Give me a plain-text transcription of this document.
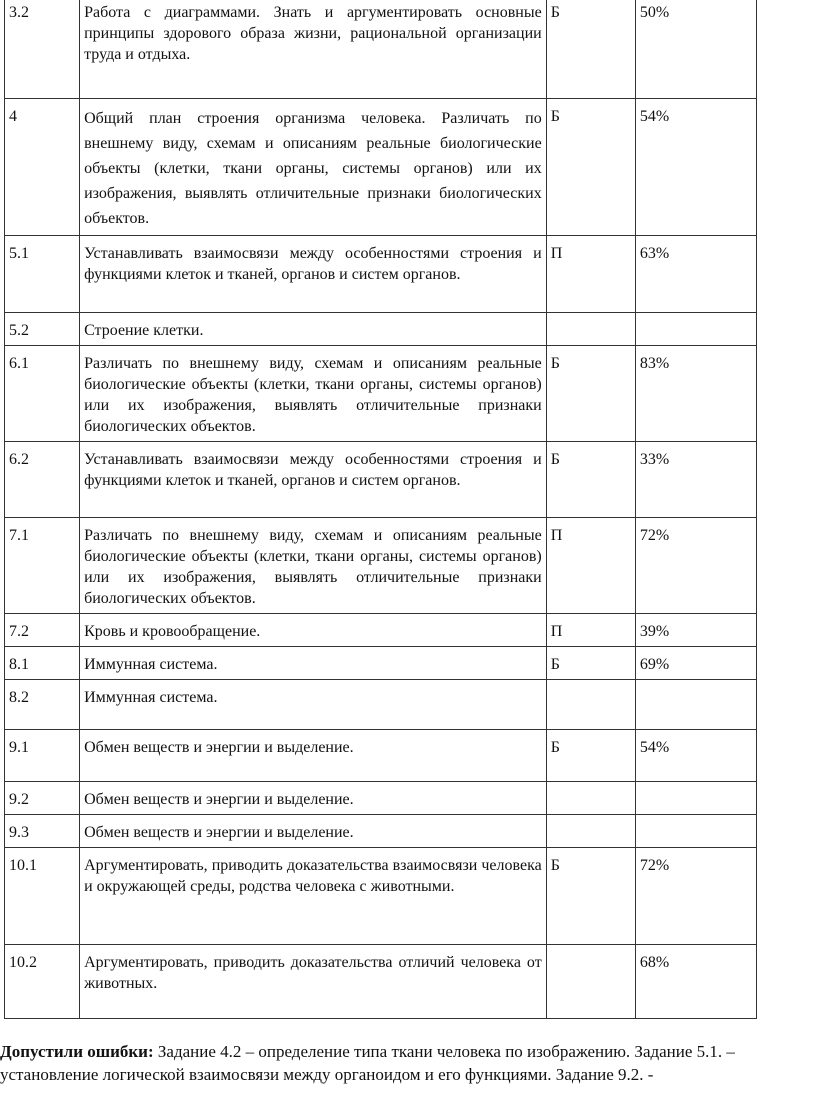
3.2	Работа с диаграммами. Знать и аргументировать основные принципы здорового образа жизни, рациональной организации труда и отдыха.	Б	50%
4	Общий план строения организма человека. Различать по внешнему виду, схемам и описаниям реальные биологические объекты (клетки, ткани органы, системы органов) или их изображения, выявлять отличительные признаки биологических объектов.	Б	54%
5.1	Устанавливать взаимосвязи между особенностями строения и функциями клеток и тканей, органов и систем органов.	П	63%
5.2	Строение клетки.		
6.1	Различать по внешнему виду, схемам и описаниям реальные биологические объекты (клетки, ткани органы, системы органов) или их изображения, выявлять отличительные признаки биологических объектов.	Б	83%
6.2	Устанавливать взаимосвязи между особенностями строения и функциями клеток и тканей, органов и систем органов.	Б	33%
7.1	Различать по внешнему виду, схемам и описаниям реальные биологические объекты (клетки, ткани органы, системы органов) или их изображения, выявлять отличительные признаки биологических объектов.	П	72%
7.2	Кровь и кровообращение.	П	39%
8.1	Иммунная система.	Б	69%
8.2	Иммунная система.		
9.1	Обмен веществ и энергии и выделение.	Б	54%
9.2	Обмен веществ и энергии и выделение.		
9.3	Обмен веществ и энергии и выделение.		
10.1	Аргументировать, приводить доказательства взаимосвязи человека и окружающей среды, родства человека с животными.	Б	72%
10.2	Аргументировать, приводить доказательства отличий человека от животных.		68%

Допустили ошибки: Задание 4.2 – определение типа ткани человека по изображению. Задание 5.1. – установление логической взаимосвязи между органоидом и его функциями. Задание 9.2. -
